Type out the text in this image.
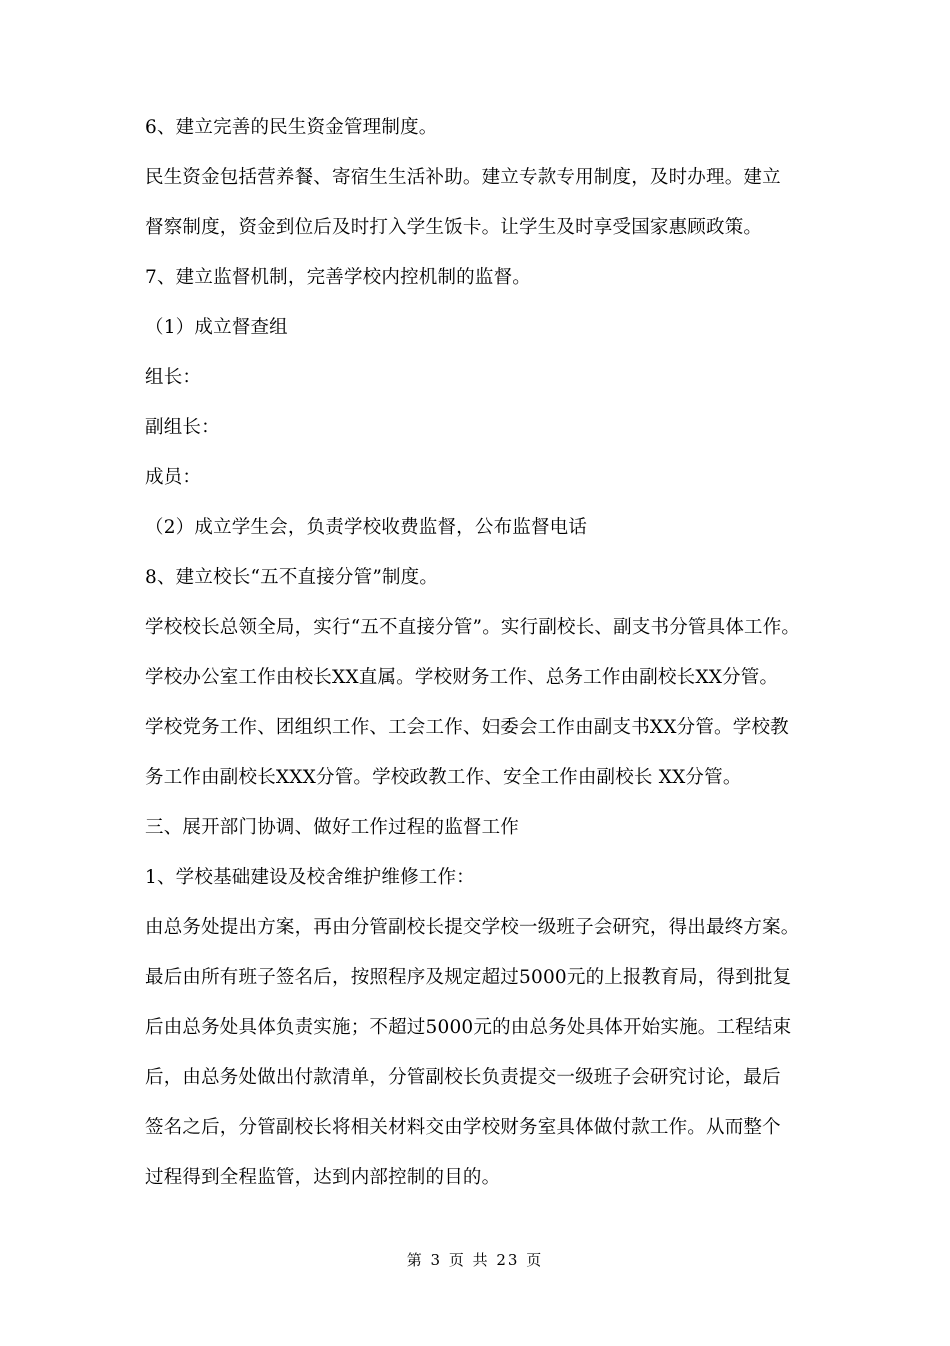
6、建立完善的民生资金管理制度。
民生资金包括营养餐、寄宿生生活补助。建立专款专用制度，及时办理。建立
督察制度，资金到位后及时打入学生饭卡。让学生及时享受国家惠顾政策。
7、建立监督机制，完善学校内控机制的监督。
（1）成立督查组
组长：
副组长：
成员：
（2）成立学生会，负责学校收费监督，公布监督电话
8、建立校长“五不直接分管”制度。
学校校长总领全局，实行“五不直接分管”。实行副校长、副支书分管具体工作。
学校办公室工作由校长XX直属。学校财务工作、总务工作由副校长XX分管。
学校党务工作、团组织工作、工会工作、妇委会工作由副支书XX分管。学校教
务工作由副校长XXX分管。学校政教工作、安全工作由副校长 XX分管。
三、展开部门协调、做好工作过程的监督工作
1、学校基础建设及校舍维护维修工作：
由总务处提出方案，再由分管副校长提交学校一级班子会研究，得出最终方案。
最后由所有班子签名后，按照程序及规定超过5000元的上报教育局，得到批复
后由总务处具体负责实施；不超过5000元的由总务处具体开始实施。工程结束
后，由总务处做出付款清单，分管副校长负责提交一级班子会研究讨论，最后
签名之后，分管副校长将相关材料交由学校财务室具体做付款工作。从而整个
过程得到全程监管，达到内部控制的目的。
第 3 页 共 23 页
